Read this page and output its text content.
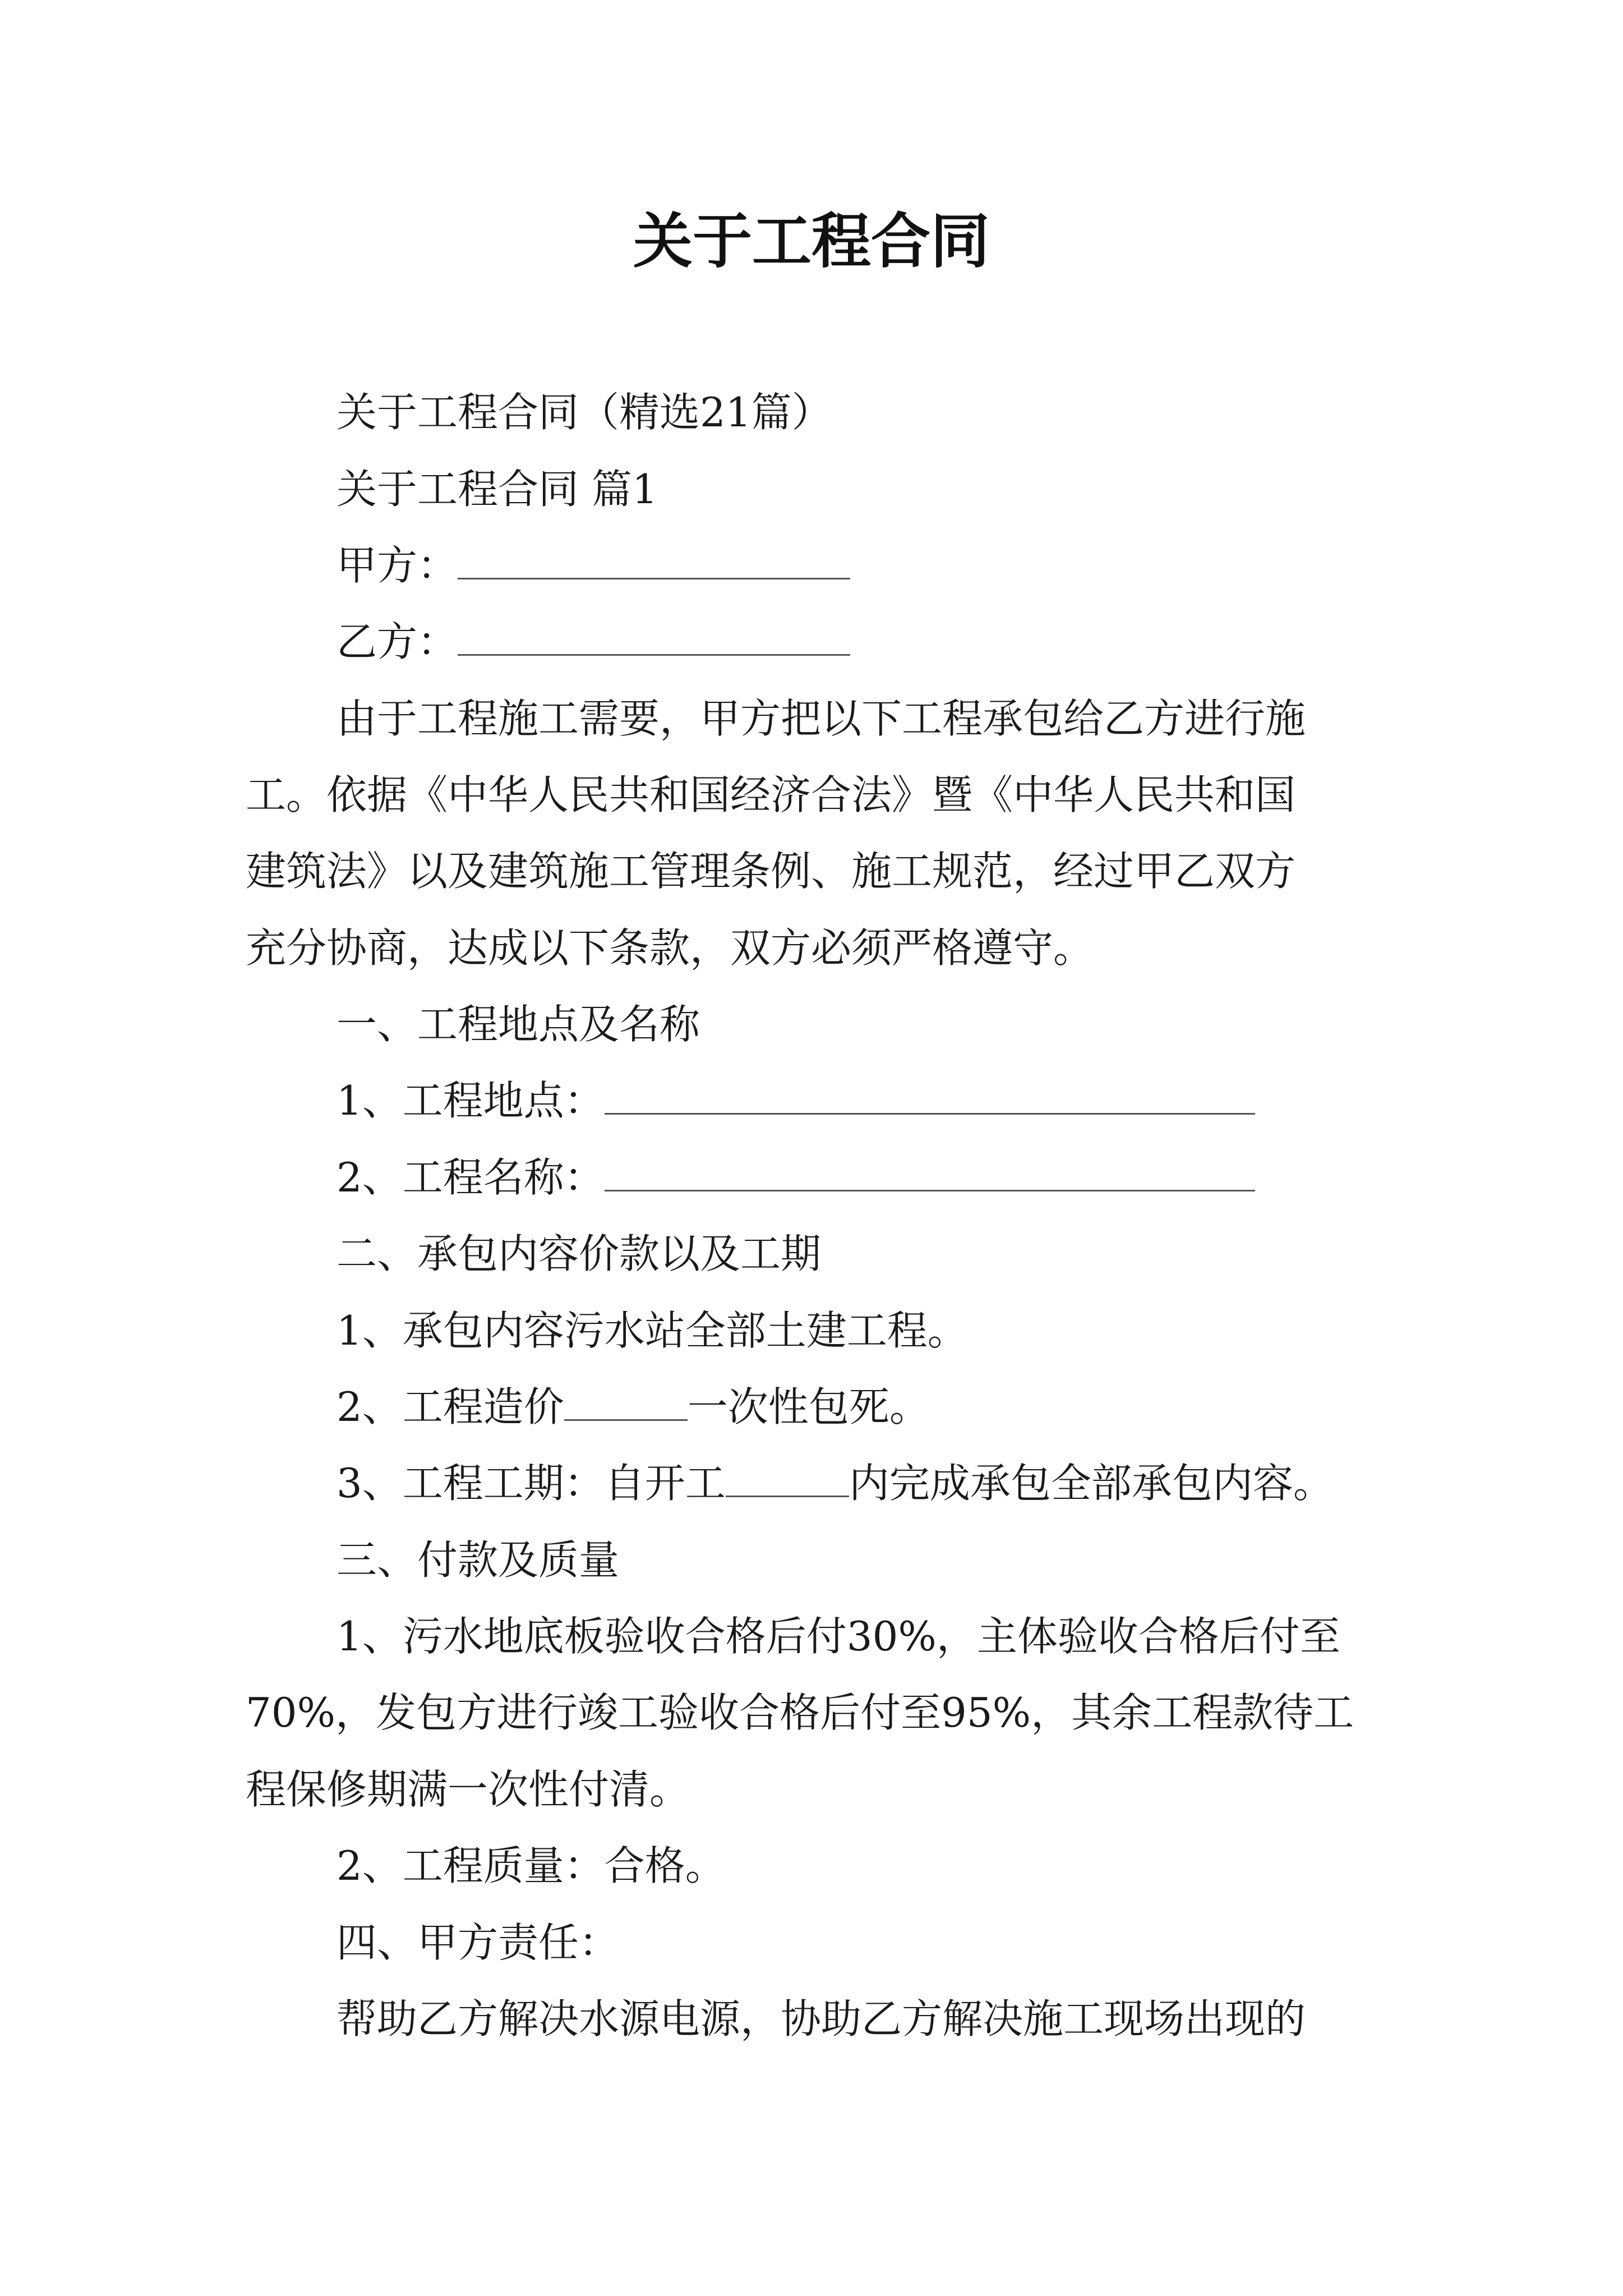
关于工程合同

关于工程合同（精选21篇）

关于工程合同 篇1

甲方：

乙方：

由于工程施工需要，甲方把以下工程承包给乙方进行施

工。依据《中华人民共和国经济合法》暨《中华人民共和国

建筑法》以及建筑施工管理条例、施工规范，经过甲乙双方

充分协商，达成以下条款，双方必须严格遵守。

一、工程地点及名称

1、工程地点：

2、工程名称：

二、承包内容价款以及工期

1、承包内容污水站全部土建工程。

2、工程造价	一次性包死。

3、工程工期：自开工	内完成承包全部承包内容。

三、付款及质量

1、污水地底板验收合格后付30%，主体验收合格后付至

70%，发包方进行竣工验收合格后付至95%，其余工程款待工

程保修期满一次性付清。

2、工程质量：合格。

四、甲方责任：

帮助乙方解决水源电源，协助乙方解决施工现场出现的
